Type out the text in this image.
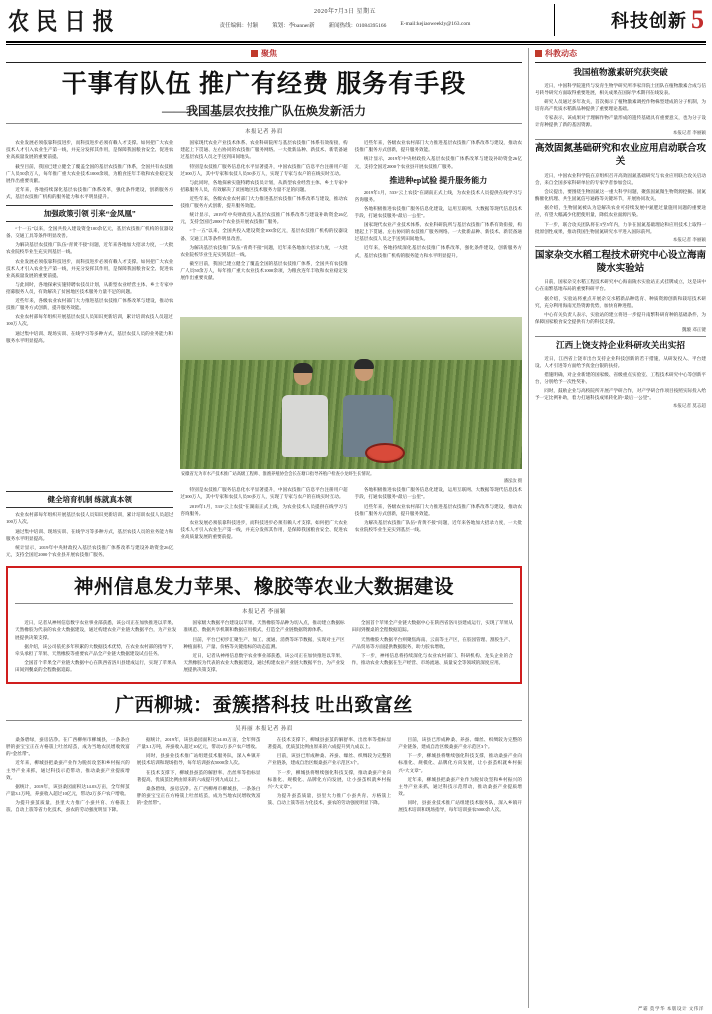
农 民 日 报	2020年7月3日 星期五
责任编辑：付颖	策划：李banner新	新闻热线：01084395166	E-mail:kejiaoweekly@163.com	科技创新 5
聚焦
干事有队伍 推广有经费 服务有手段
——我国基层农技推广队伍焕发新活力
本报记者 孙眉

农业发展必须依靠科技进步，而科技进步必须有赖人才支撑。如何把广大农业技术人才引入农业生产第一线，并充分发挥其作用，是保障我国粮食安全、促进农业高质量发展的重要前提。

截至目前，我国已建立健全了覆盖全国的基层农技推广体系，全国共有农技推广人员50余万人，每年推广重大农业技术1000余项，为粮食连年丰收和农业稳定发展作出重要贡献。

近年来，各地持续深化基层农技推广体系改革，强化条件建设，创新服务方式，基层农技推广机构的服务能力和水平明显提升。

加强政策引领 引来“金凤凰”

“十一五”以来，全国共投入建设资金100余亿元，基层农技推广机构的仪器设备、交通工具等条件明显改善。

为解决基层农技推广队伍“青黄不接”问题，近年来各地加大招录力度，一大批农业院校毕业生充实到基层一线。

农业发展必须依靠科技进步，而科技进步必须有赖人才支撑。如何把广大农业技术人才引入农业生产第一线，并充分发挥其作用，是保障我国粮食安全、促进农业高质量发展的重要前提。

与此同时，各地探索实施特聘农技员计划，从新型农业经营主体、乡土专家中招募服务人员，有效解决了贫困地区技术服务力量不足的问题。

近些年来，各级农业农村部门大力推进基层农技推广体系改革与建设，推动农技推广服务方式创新，提升服务效能。

国家现代农业产业技术体系、农业科研院所与基层农技推广体系有效衔接，构建起上下贯通、左右协同的农技推广服务网络。一大批新品种、新技术、新装备通过基层农技人员之手送到田间地头。

特别是农技推广服务信息化水平显著提升，中国农技推广信息平台注册用户超过300万人，其中专家和农技人员50多万人，实现了专家与农户的在线实时互动。

与此同时，各地探索实施特聘农技员计划，从新型农业经营主体、乡土专家中招募服务人员，有效解决了贫困地区技术服务力量不足的问题。

近些年来，各级农业农村部门大力推进基层农技推广体系改革与建设，推动农技推广服务方式创新，提升服务效能。

统计显示，2019年中央财政投入基层农技推广体系改革与建设补助资金26亿元，支持全国近2000个农业县开展农技推广服务。

“十一五”以来，全国共投入建设资金100余亿元，基层农技推广机构的仪器设备、交通工具等条件明显改善。

为解决基层农技推广队伍“青黄不接”问题，近年来各地加大招录力度，一大批农业院校毕业生充实到基层一线。

截至目前，我国已建立健全了覆盖全国的基层农技推广体系，全国共有农技推广人员50余万人，每年推广重大农业技术1000余项，为粮食连年丰收和农业稳定发展作出重要贡献。

近些年来，各级农业农村部门大力推进基层农技推广体系改革与建设，推动农技推广服务方式创新，提升服务效能。

统计显示，2019年中央财政投入基层农技推广体系改革与建设补助资金26亿元，支持全国近2000个农业县开展农技推广服务。

推进种ер试验 提升服务能力

2019年1月，533“云上农技”在湖南正式上线，为农业技术人员提供在线学习与咨询服务。

各地积极推进农技推广服务信息化建设，运用互联网、大数据等现代信息技术手段，打通农技服务“最后一公里”。

国家现代农业产业技术体系、农业科研院所与基层农技推广体系有效衔接，构建起上下贯通、左右协同的农技推广服务网络。一大批新品种、新技术、新装备通过基层农技人员之手送到田间地头。

近年来，各地持续深化基层农技推广体系改革，强化条件建设，创新服务方式，基层农技推广机构的服务能力和水平明显提升。

农业农村部每年组织开展基层农技人员知识更新培训，累计培训农技人员超过100万人次。

通过集中培训、现场实训、在线学习等多种方式，基层农技人员的业务能力和服务水平明显提高。

安徽省无为市水产技术推广站高级工程师、淮渔养殖协会会长在塘口指导养殖户检查小龙虾生长情况。
潘泓汝 摄
健全培育机制 练就真本领

农业农村部每年组织开展基层农技人员知识更新培训，累计培训农技人员超过100万人次。

通过集中培训、现场实训、在线学习等多种方式，基层农技人员的业务能力和服务水平明显提高。

统计显示，2019年中央财政投入基层农技推广体系改革与建设补助资金26亿元，支持全国近2000个农业县开展农技推广服务。

特别是农技推广服务信息化水平显著提升，中国农技推广信息平台注册用户超过300万人，其中专家和农技人员50多万人，实现了专家与农户的在线实时互动。

2019年1月，533“云上农技”在湖南正式上线，为农业技术人员提供在线学习与咨询服务。

农业发展必须依靠科技进步，而科技进步必须有赖人才支撑。如何把广大农业技术人才引入农业生产第一线，并充分发挥其作用，是保障我国粮食安全、促进农业高质量发展的重要前提。

各地积极推进农技推广服务信息化建设，运用互联网、大数据等现代信息技术手段，打通农技服务“最后一公里”。

近些年来，各级农业农村部门大力推进基层农技推广体系改革与建设，推动农技推广服务方式创新，提升服务效能。

为解决基层农技推广队伍“青黄不接”问题，近年来各地加大招录力度，一大批农业院校毕业生充实到基层一线。

神州信息发力苹果、橡胶等农业大数据建设
本报记者 李丽颖

近日，记者从神州信息数字农业事业部获悉，该公司正在加快推进以苹果、天然橡胶为代表的农业大数据建设，通过构建农业产业链大数据平台，为产业发展提供决策支撑。

据介绍，该公司依托多年积累的大数据技术优势，在农业农村部的指导下，牵头承担了苹果、天然橡胶等重要农产品全产业链大数据建设试点任务。

全国首个苹果全产业链大数据中心在陕西省洛川县建成运行，实现了苹果从田间到餐桌的全程数据追踪。

国家级大数据平台建设以苹果、天然橡胶等品种为切入点，推动建立数据标准规范、数据共享机制和数据应用模式，打造全产业链数据资源体系。

目前，平台已初步汇聚生产、加工、流通、消费等环节数据，实现对主产区种植面积、产量、价格等关键指标的动态监测。

近日，记者从神州信息数字农业事业部获悉，该公司正在加快推进以苹果、天然橡胶为代表的农业大数据建设，通过构建农业产业链大数据平台，为产业发展提供决策支撑。

全国首个苹果全产业链大数据中心在陕西省洛川县建成运行，实现了苹果从田间到餐桌的全程数据追踪。

天然橡胶大数据平台则聚焦海南、云南等主产区，在胶园管理、割胶生产、产品贸易等方面提供数据服务，助力胶农增收。

下一步，神州信息将持续深化与农业农村部门、科研机构、龙头企业的合作，推动农业大数据在生产经营、市场流通、质量安全等领域的深度应用。

广西柳城：蚕簇搭科技 吐出致富丝
吴再丽 本报记者 孙眉

桑条碧绿，蚕房洁净。在广西柳州市柳城县，一条条白胖的蚕宝宝正在方格簇上吐丝结茧，成为当地农民增收致富的“金丝带”。

近年来，柳城县把桑蚕产业作为脱贫攻坚和乡村振兴的主导产业来抓，通过科技示范带动，推动桑蚕产业提质增效。

据统计，2019年，该县桑园面积达14.03万亩，全年鲜茧产量3.1万吨，养蚕收入超过10亿元，带动2万多户农户增收。

为提升蚕茧质量，县里大力推广小蚕共育、方格簇上簇、自动上簇等省力化技术，蚕农的劳动强度明显下降。

据统计，2019年，该县桑园面积达14.03万亩，全年鲜茧产量3.1万吨，养蚕收入超过10亿元，带动2万多户农户增收。

同时，县蚕业技术推广站组建技术服务队，深入乡镇开展技术培训和现场指导，每年培训蚕农5000余人次。

在技术支撑下，柳城县蚕茧的解舒率、出丝率等指标显著提高，优质茧比例由原来的六成提升到九成以上。

桑条碧绿，蚕房洁净。在广西柳州市柳城县，一条条白胖的蚕宝宝正在方格簇上吐丝结茧，成为当地农民增收致富的“金丝带”。

在技术支撑下，柳城县蚕茧的解舒率、出丝率等指标显著提高，优质茧比例由原来的六成提升到九成以上。

目前，该县已形成种桑、养蚕、缫丝、织绸较为完整的产业链条，建成自治区级桑蚕产业示范区3个。

下一步，柳城县将继续强化科技支撑，推动桑蚕产业向标准化、规模化、品牌化方向发展，让小蚕茧织就乡村振兴“大文章”。

为提升蚕茧质量，县里大力推广小蚕共育、方格簇上簇、自动上簇等省力化技术，蚕农的劳动强度明显下降。

目前，该县已形成种桑、养蚕、缫丝、织绸较为完整的产业链条，建成自治区级桑蚕产业示范区3个。

下一步，柳城县将继续强化科技支撑，推动桑蚕产业向标准化、规模化、品牌化方向发展，让小蚕茧织就乡村振兴“大文章”。

近年来，柳城县把桑蚕产业作为脱贫攻坚和乡村振兴的主导产业来抓，通过科技示范带动，推动桑蚕产业提质增效。

同时，县蚕业技术推广站组建技术服务队，深入乡镇开展技术培训和现场指导，每年培训蚕农5000余人次。

科教动态
我国植物激素研究获突破

近日，中国科学院遗传与发育生物学研究所李家洋院士团队在植物激素合成与信号转导研究方面取得重要进展，相关成果在国际学术期刊在线发表。

研究人员通过多年攻关，首次揭示了植物激素调控作物株型建成的分子机制，为培育高产优质水稻新品种提供了重要理论基础。

专家表示，该成果对于理解作物产量形成的遗传基础具有重要意义，也为分子设计育种提供了新的基因资源。

本报记者 李丽颖
高效固氮基础研究和农业应用启动联合攻关

近日，中国农业科学院在京组织召开高效固氮基础研究与农业应用联合攻关启动会，来自全国多家科研单位的专家学者参加会议。

会议提出，要围绕生物固氮这一重大科学问题，聚焦固氮微生物资源挖掘、固氮酶催化机理、共生固氮信号通路等关键环节，开展协同攻关。

据介绍，生物固氮被认为是解决农业可持续发展中氮肥过量施用问题的重要途径，有望大幅减少化肥使用量，降低农业面源污染。

下一步，联合攻关团队将在3至5年内，力争在固氮基础理论和应用技术上取得一批原创性成果，推动我国生物固氮研究水平进入国际前列。

本报记者 李丽颖
国家杂交水稻工程技术研究中心设立海南陵水实验站

日前，国家杂交水稻工程技术研究中心海南陵水实验站正式挂牌成立，这是该中心在南繁基地布局的重要科研平台。

据介绍，实验站将重点开展杂交水稻新品种选育、种质资源创新和栽培技术研究，充分利用海南光热资源优势，加快育种进程。

中心有关负责人表示，实验站的建立将进一步提升南繁科研育种的基础条件，为保障国家粮食安全提供有力的科技支撑。

魏璇 邓正键
江西上饶支持企业科研攻关出实招

近日，江西省上饶市出台支持企业科技创新的若干措施，从研发投入、平台建设、人才引进等方面给予真金白银的扶持。

措施明确，对企业新建的国家级、省级重点实验室、工程技术研究中心等创新平台，分别给予一次性奖补。

同时，鼓励企业与高校院所开展产学研合作，对产学研合作项目按照实际投入给予一定比例补助，着力打通科技成果转化的“最后一公里”。

本报记者 莫志超
严霜 莫学华 本版设计 文伟洋
